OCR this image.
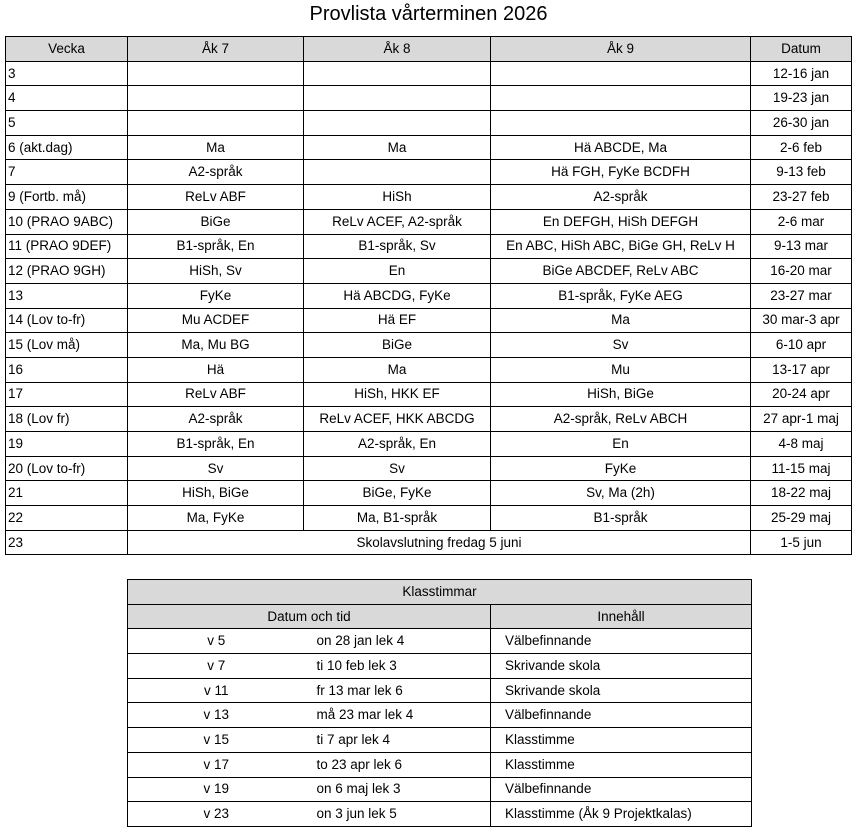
Provlista vårterminen 2026
Vecka	Åk 7	Åk 8	Åk 9	Datum
3				12-16 jan
4				19-23 jan
5				26-30 jan
6 (akt.dag)	Ma	Ma	Hä ABCDE, Ma	2-6 feb
7	A2-språk		Hä FGH, FyKe BCDFH	9-13 feb
9 (Fortb. må)	ReLv ABF	HiSh	A2-språk	23-27 feb
10 (PRAO 9ABC)	BiGe	ReLv ACEF, A2-språk	En DEFGH, HiSh DEFGH	2-6 mar
11 (PRAO 9DEF)	B1-språk, En	B1-språk, Sv	En ABC, HiSh ABC, BiGe GH, ReLv H	9-13 mar
12 (PRAO 9GH)	HiSh, Sv	En	BiGe ABCDEF, ReLv ABC	16-20 mar
13	FyKe	Hä ABCDG, FyKe	B1-språk, FyKe AEG	23-27 mar
14 (Lov to-fr)	Mu ACDEF	Hä EF	Ma	30 mar-3 apr
15 (Lov må)	Ma, Mu BG	BiGe	Sv	6-10 apr
16	Hä	Ma	Mu	13-17 apr
17	ReLv ABF	HiSh, HKK EF	HiSh, BiGe	20-24 apr
18 (Lov fr)	A2-språk	ReLv ACEF, HKK ABCDG	A2-språk, ReLv ABCH	27 apr-1 maj
19	B1-språk, En	A2-språk, En	En	4-8 maj
20 (Lov to-fr)	Sv	Sv	FyKe	11-15 maj
21	HiSh, BiGe	BiGe, FyKe	Sv, Ma (2h)	18-22 maj
22	Ma, FyKe	Ma, B1-språk	B1-språk	25-29 maj
23	Skolavslutning fredag 5 juni			1-5 jun
Klasstimmar		
Datum och tid		Innehåll
v 5	on 28 jan lek 4	Välbefinnande
v 7	ti 10 feb lek 3	Skrivande skola
v 11	fr 13 mar lek 6	Skrivande skola
v 13	må 23 mar lek 4	Välbefinnande
v 15	ti 7 apr lek 4	Klasstimme
v 17	to 23 apr lek 6	Klasstimme
v 19	on 6 maj lek 3	Välbefinnande
v 23	on 3 jun lek 5	Klasstimme (Åk 9 Projektkalas)
